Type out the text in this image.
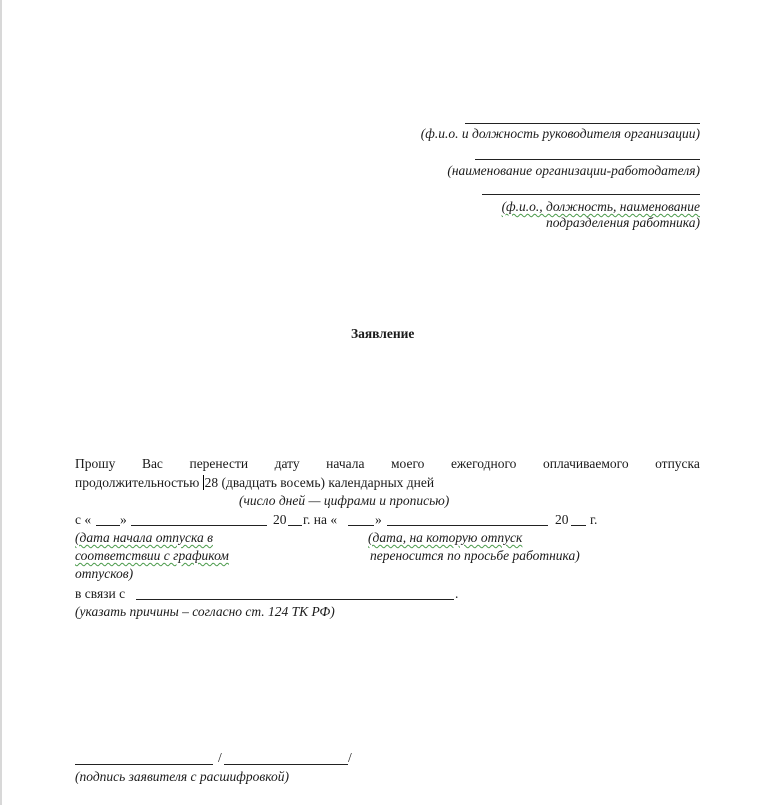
(ф.и.о. и должность руководителя организации)
(наименование организации-работодателя)
(ф.и.о., должность, наименование
подразделения работника)
Заявление
Прошу Вас перенести дату начала моего ежегодного оплачиваемого отпуска
продолжительностью 28 (двадцать восемь) календарных дней
(число дней — цифрами и прописью)
с « »	20 г. на «	»	20 г.
(дата начала отпуска в
соответствии с графиком
отпусков)
(дата, на которую отпуск
переносится по просьбе работника)
в связи с	.
(указать причины – согласно ст. 124 ТК РФ)
/	/
(подпись заявителя с расшифровкой)
